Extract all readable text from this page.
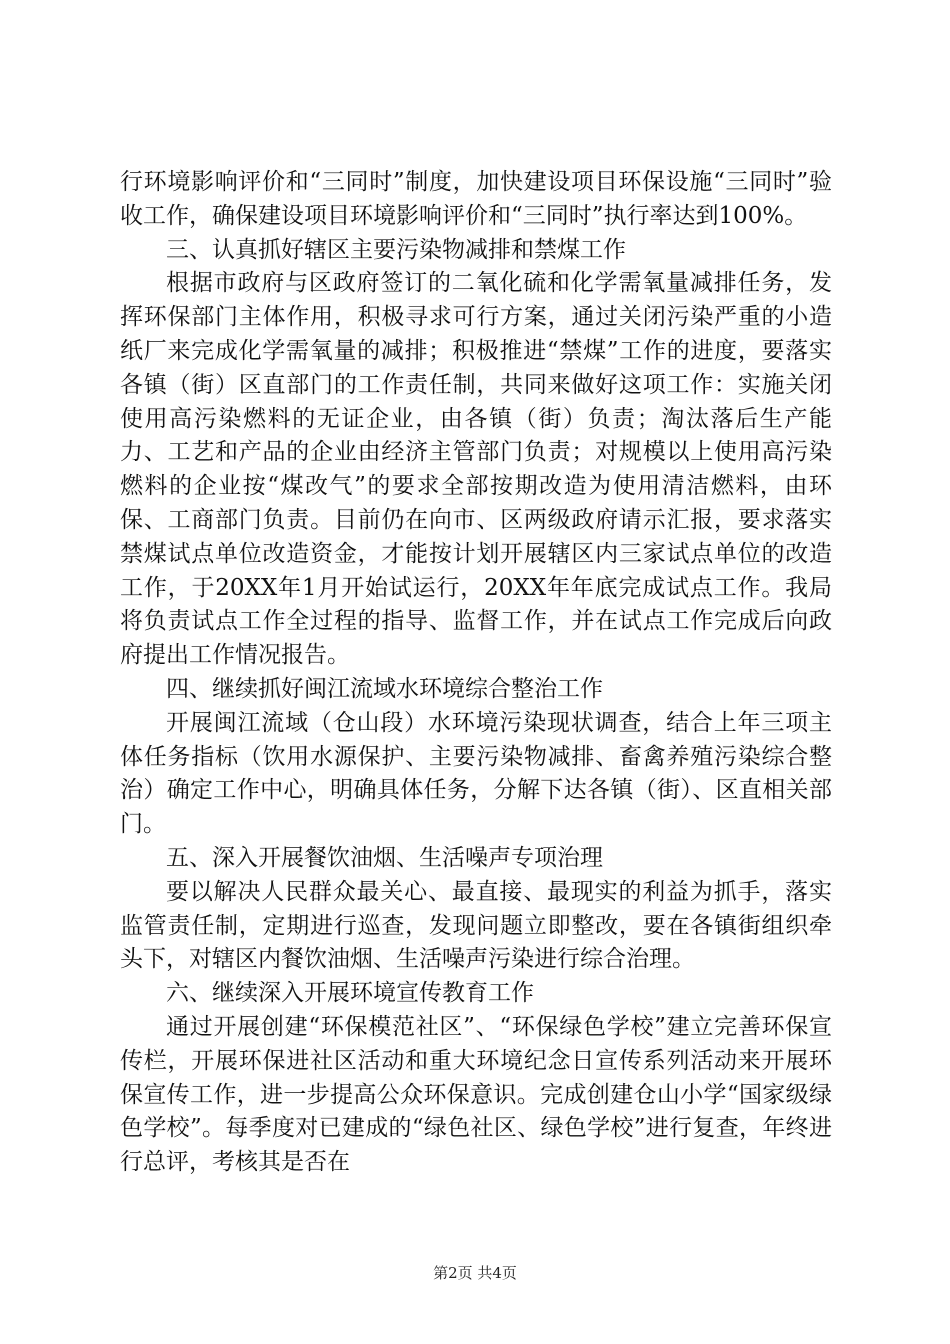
行环境影响评价和“三同时”制度，加快建设项目环保设施“三同时”验收工作，确保建设项目环境影响评价和“三同时”执行率达到100%。

三、认真抓好辖区主要污染物减排和禁煤工作

根据市政府与区政府签订的二氧化硫和化学需氧量减排任务，发挥环保部门主体作用，积极寻求可行方案，通过关闭污染严重的小造纸厂来完成化学需氧量的减排；积极推进“禁煤”工作的进度，要落实各镇（街）区直部门的工作责任制，共同来做好这项工作：实施关闭使用高污染燃料的无证企业，由各镇（街）负责；淘汰落后生产能力、工艺和产品的企业由经济主管部门负责；对规模以上使用高污染燃料的企业按“煤改气”的要求全部按期改造为使用清洁燃料，由环保、工商部门负责。目前仍在向市、区两级政府请示汇报，要求落实禁煤试点单位改造资金，才能按计划开展辖区内三家试点单位的改造工作，于20XX年1月开始试运行，20XX年年底完成试点工作。我局将负责试点工作全过程的指导、监督工作，并在试点工作完成后向政府提出工作情况报告。

四、继续抓好闽江流域水环境综合整治工作

开展闽江流域（仓山段）水环境污染现状调查，结合上年三项主体任务指标（饮用水源保护、主要污染物减排、畜禽养殖污染综合整治）确定工作中心，明确具体任务，分解下达各镇（街）、区直相关部门。

五、深入开展餐饮油烟、生活噪声专项治理

要以解决人民群众最关心、最直接、最现实的利益为抓手，落实监管责任制，定期进行巡查，发现问题立即整改，要在各镇街组织牵头下，对辖区内餐饮油烟、生活噪声污染进行综合治理。

六、继续深入开展环境宣传教育工作

通过开展创建“环保模范社区”、“环保绿色学校”建立完善环保宣传栏，开展环保进社区活动和重大环境纪念日宣传系列活动来开展环保宣传工作，进一步提高公众环保意识。完成创建仓山小学“国家级绿色学校”。每季度对已建成的“绿色社区、绿色学校”进行复查，年终进行总评，考核其是否在

第2页 共4页
